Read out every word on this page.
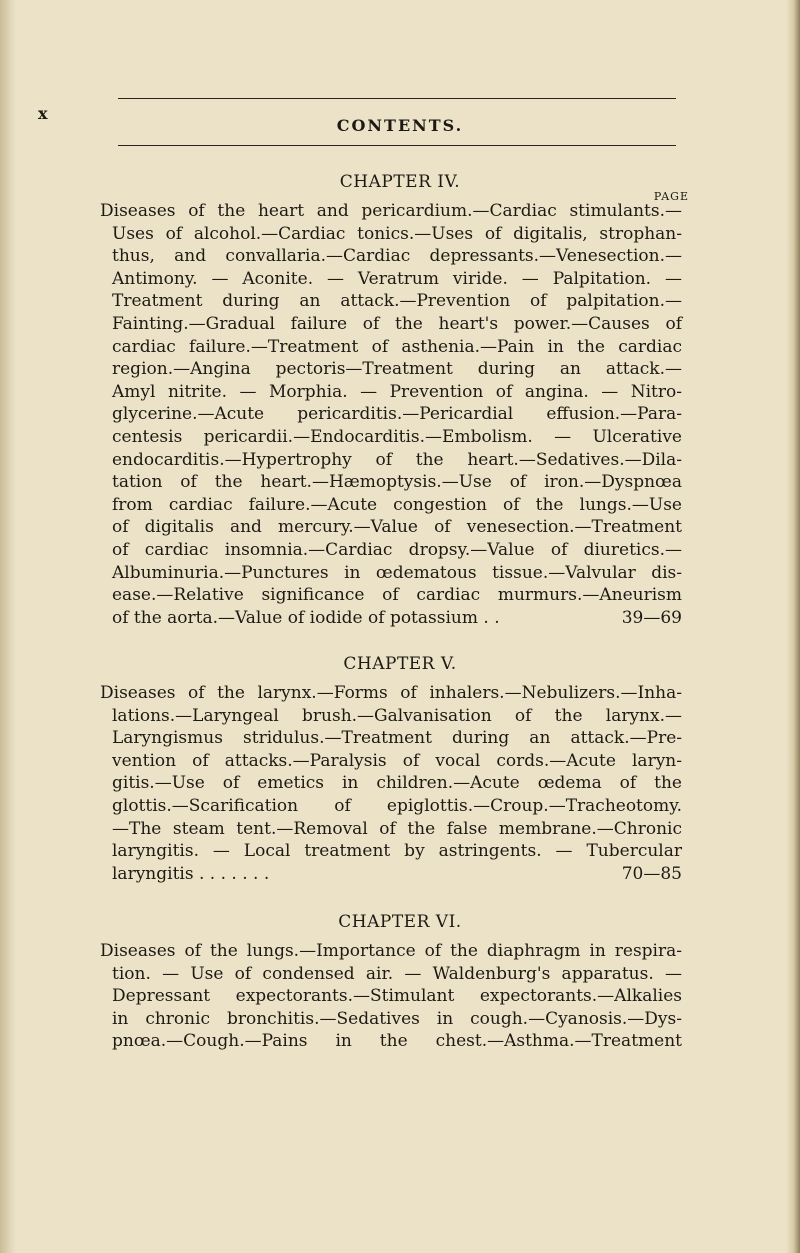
x
CONTENTS.
PAGE
CHAPTER IV.
Diseases of the heart and pericardium.—Cardiac stimulants.—
Uses of alcohol.—Cardiac tonics.—Uses of digitalis, strophan-
thus, and convallaria.—Cardiac depressants.—Venesection.—
Antimony. — Aconite. — Veratrum viride. — Palpitation. —
Treatment during an attack.—Prevention of palpitation.—
Fainting.—Gradual failure of the heart's power.—Causes of
cardiac failure.—Treatment of asthenia.—Pain in the cardiac
region.—Angina pectoris—Treatment during an attack.—
Amyl nitrite. — Morphia. — Prevention of angina. — Nitro-
glycerine.—Acute pericarditis.—Pericardial effusion.—Para-
centesis pericardii.—Endocarditis.—Embolism. — Ulcerative
endocarditis.—Hypertrophy of the heart.—Sedatives.—Dila-
tation of the heart.—Hæmoptysis.—Use of iron.—Dyspnœa
from cardiac failure.—Acute congestion of the lungs.—Use
of digitalis and mercury.—Value of venesection.—Treatment
of cardiac insomnia.—Cardiac dropsy.—Value of diuretics.—
Albuminuria.—Punctures in œdematous tissue.—Valvular dis-
ease.—Relative significance of cardiac murmurs.—Aneurism
of the aorta.—Value of iodide of potassium . .	39—69
CHAPTER V.
Diseases of the larynx.—Forms of inhalers.—Nebulizers.—Inha-
lations.—Laryngeal brush.—Galvanisation of the larynx.—
Laryngismus stridulus.—Treatment during an attack.—Pre-
vention of attacks.—Paralysis of vocal cords.—Acute laryn-
gitis.—Use of emetics in children.—Acute œdema of the
glottis.—Scarification of epiglottis.—Croup.—Tracheotomy.
—The steam tent.—Removal of the false membrane.—Chronic
laryngitis. — Local treatment by astringents. — Tubercular
laryngitis . . . . . . .	70—85
CHAPTER VI.
Diseases of the lungs.—Importance of the diaphragm in respira-
tion. — Use of condensed air. — Waldenburg's apparatus. —
Depressant expectorants.—Stimulant expectorants.—Alkalies
in chronic bronchitis.—Sedatives in cough.—Cyanosis.—Dys-
pnœa.—Cough.—Pains in the chest.—Asthma.—Treatment
